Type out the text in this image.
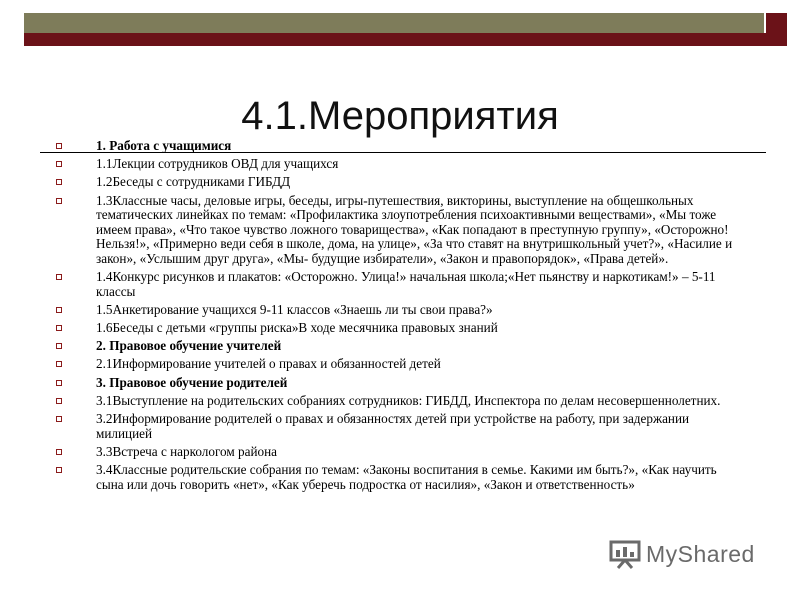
4.1.Мероприятия
1. Работа с учащимися
1.1Лекции сотрудников ОВД для учащихся
1.2Беседы с сотрудниками ГИБДД
1.3Классные часы, деловые игры, беседы, игры-путешествия, викторины, выступление на общешкольных тематических линейках по темам: «Профилактика злоупотребления психоактивными веществами», «Мы тоже имеем права», «Что такое чувство ложного товарищества», «Как попадают в преступную группу», «Осторожно! Нельзя!», «Примерно веди себя в школе, дома, на улице», «За что ставят на внутришкольный учет?», «Насилие и закон», «Услышим друг друга», «Мы- будущие избиратели», «Закон и правопорядок», «Права детей».
1.4Конкурс рисунков и плакатов: «Осторожно. Улица!» начальная школа;«Нет пьянству и наркотикам!» – 5-11 классы
1.5Анкетирование учащихся 9-11 классов «Знаешь ли ты свои права?»
1.6Беседы с детьми «группы риска»В ходе месячника правовых знаний
2. Правовое обучение учителей
2.1Информирование учителей о правах и обязанностей детей
3. Правовое обучение родителей
3.1Выступление на родительских собраниях сотрудников: ГИБДД, Инспектора по делам несовершеннолетних.
3.2Информирование родителей о правах и обязанностях детей при устройстве на работу, при задержании милицией
3.3Встреча с наркологом района
3.4Классные родительские собрания по темам: «Законы воспитания в семье. Какими им быть?», «Как научить сына или дочь говорить «нет», «Как уберечь подростка от насилия», «Закон и ответственность»
MyShared
